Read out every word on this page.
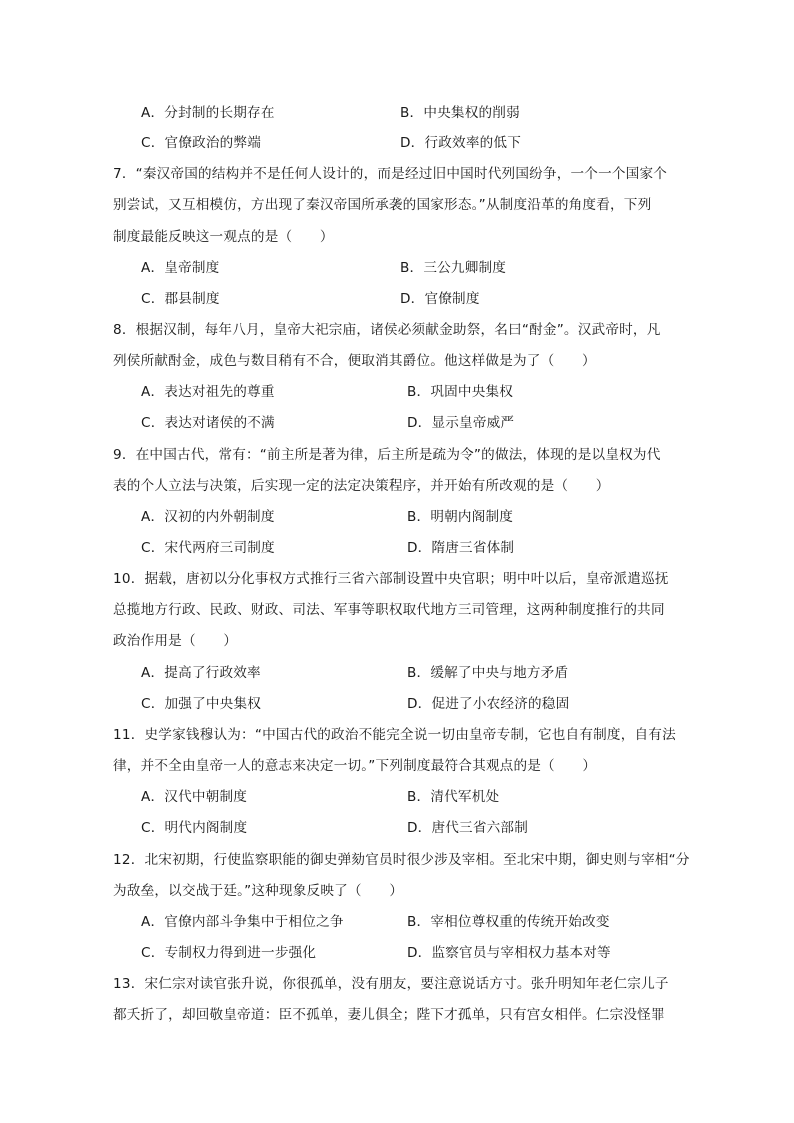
A．分封制的长期存在	B．中央集权的削弱
C．官僚政治的弊端	D．行政效率的低下
7．“秦汉帝国的结构并不是任何人设计的，而是经过旧中国时代列国纷争，一个一个国家个
别尝试，又互相模仿，方出现了秦汉帝国所承袭的国家形态。”从制度沿革的角度看，下列
制度最能反映这一观点的是（　　）
A．皇帝制度	B．三公九卿制度
C．郡县制度	D．官僚制度
8．根据汉制，每年八月，皇帝大祀宗庙，诸侯必须献金助祭，名曰“酎金”。汉武帝时，凡
列侯所献酎金，成色与数目稍有不合，便取消其爵位。他这样做是为了（　　）
A．表达对祖先的尊重	B．巩固中央集权
C．表达对诸侯的不满	D．显示皇帝威严
9．在中国古代，常有：“前主所是著为律，后主所是疏为令”的做法，体现的是以皇权为代
表的个人立法与决策，后实现一定的法定决策程序，并开始有所改观的是（　　）
A．汉初的内外朝制度	B．明朝内阁制度
C．宋代两府三司制度	D．隋唐三省体制
10．据载，唐初以分化事权方式推行三省六部制设置中央官职；明中叶以后，皇帝派遣巡抚
总揽地方行政、民政、财政、司法、军事等职权取代地方三司管理，这两种制度推行的共同
政治作用是（　　）
A．提高了行政效率	B．缓解了中央与地方矛盾
C．加强了中央集权	D．促进了小农经济的稳固
11．史学家钱穆认为：“中国古代的政治不能完全说一切由皇帝专制，它也自有制度，自有法
律，并不全由皇帝一人的意志来决定一切。”下列制度最符合其观点的是（　　）
A．汉代中朝制度	B．清代军机处
C．明代内阁制度	D．唐代三省六部制
12．北宋初期，行使监察职能的御史弹劾官员时很少涉及宰相。至北宋中期，御史则与宰相“分
为敌垒，以交战于廷。”这种现象反映了（　　）
A．官僚内部斗争集中于相位之争	B．宰相位尊权重的传统开始改变
C．专制权力得到进一步强化	D．监察官员与宰相权力基本对等
13．宋仁宗对读官张升说，你很孤单，没有朋友，要注意说话方寸。张升明知年老仁宗儿子
都夭折了，却回敬皇帝道：臣不孤单，妻儿俱全；陛下才孤单，只有宫女相伴。仁宗没怪罪
